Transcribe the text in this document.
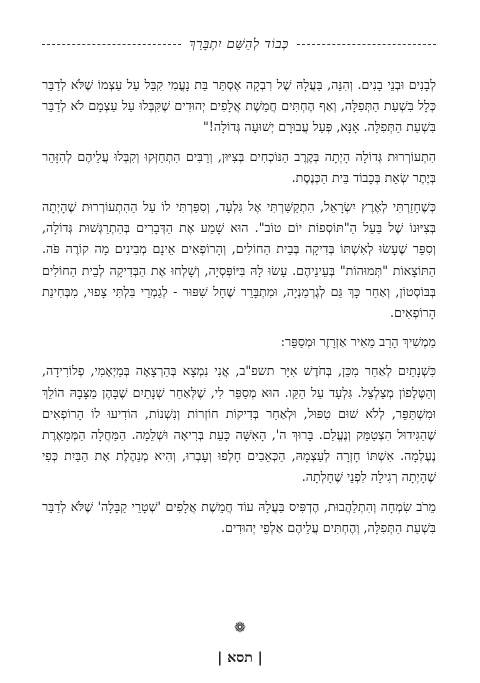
כְּבוֹד לְהַשֵּׁם יִתְבָּרַךְ

לְבָנִים וּבְנֵי בָנִים. וְהִנֵּה, בַּעֲלָהּ שֶׁל רִבְקָה אֶסְתֵּר בַּת נָעֳמִי קִבֵּל עַל עַצְמוֹ שֶׁלֹּא לְדַבֵּר כְּלָל בִּשְׁעַת הַתְּפִלָּה, וְאַף הֶחְתִּים חֲמֵשֶׁת אֲלָפִים יְהוּדִים שֶׁקִּבְּלוּ עַל עַצְמָם לֹא לְדַבֵּר בִּשְׁעַת הַתְּפִלָּה. אָנָּא, פְּעַל עֲבוּרָם יְשׁוּעָה גְּדוֹלָה!"

הִתְעוֹרְרוּת גְּדוֹלָה הָיְתָה בְּקֶרֶב הַנּוֹכְחִים בְּצִיּוּן, וְרַבִּים הִתְחַזְּקוּ וְקִבְּלוּ עֲלֵיהֶם לְהִזָּהֵר בְּיֶתֶר שְׂאֵת בְּכָבוֹד בֵּית הַכְּנֶסֶת.

כְּשֶׁחָזַרְתִּי לְאֶרֶץ יִשְׂרָאֵל, הִתְקַשַּׁרְתִּי אֶל גִּלְעָד, וְסִפַּרְתִּי לוֹ עַל הַהִתְעוֹרְרוּת שֶׁהָיְתָה בְּצִיּוּנוֹ שֶׁל בַּעַל הַ"תּוֹסְפוֹת יוֹם טוֹב". הוּא שָׁמַע אֶת הַדְּבָרִים בְּהִתְרַגְּשׁוּת גְּדוֹלָה, וְסִפֵּר שֶׁעָשׂוּ לְאִשְׁתּוֹ בְּדִיקָה בְּבֵית הַחוֹלִים, וְהָרוֹפְאִים אֵינָם מְבִינִים מָה קוֹרֶה פֹּה. הַתּוֹצָאוֹת "תְּמוּהוֹת" בְּעֵינֵיהֶם. עָשׂוּ לָהּ בִּיּוֹפְּסְיָה, וְשָׁלְחוּ אֶת הַבְּדִיקָה לְבֵית הַחוֹלִים בְּבּוֹסְטוֹן, וְאַחַר כָּךְ גַּם לְגֶרְמַנְיָה, וּמִתְבָּרֵר שֶׁחָל שִׁפּוּר - לְגַמְרֵי בִּלְתִּי צָפוּי, מִבְּחִינַת הָרוֹפְאִים.

מַמְשִׁיךְ הָרַב מֵאִיר אַזְרָזֶר וּמְסַפֵּר:

כִּשְׁנָתַיִם לְאַחַר מִכֵּן, בְּחֹדֶשׁ אִיָּר תשפ"ב, אֲנִי נִמְצָא בְּהַרְצָאָה בְּמַיְאָמִי, פְלוֹרִידָה, וְהַטֶּלֶפוֹן מְצַלְצֵל. גִּלְעָד עַל הַקַּו. הוּא מְסַפֵּר לִי, שֶׁלְּאַחַר שְׁנָתַיִם שֶׁבָּהֶן מַצָּבָהּ הוֹלֵךְ וּמִשְׁתַּפֵּר, לְלֹא שׁוּם טִפּוּל, וּלְאַחַר בְּדִיקוֹת חוֹזְרוֹת וְנִשְׁנוֹת, הוֹדִיעוּ לוֹ הָרוֹפְאִים שֶׁהַגִּידוּל הִצְטַמֵּק וְנֶעֱלַם. בָּרוּךְ ה', הָאִשָּׁה כָּעֵת בְּרִיאָה וּשְׁלֵמָה. הַמַּחֲלָה הַמְּמָאֶרֶת נֶעֶלְמָה. אִשְׁתּוֹ חָזְרָה לְעַצְמָהּ, הַכְּאֵבִים חָלְפוּ וְעָבְרוּ, וְהִיא מְנַהֶלֶת אֶת הַבַּיִת כְּפִי שֶׁהָיְתָה רְגִילָה לִפְנֵי שֶׁחָלְתָה.

מֵרֹב שִׂמְחָה וְהִתְלַהֲבוּת, הֶדְפִּיס בַּעֲלָהּ עוֹד חֲמֵשֶׁת אֲלָפִים 'שְׁטָרֵי קַבָּלָה' שֶׁלֹּא לְדַבֵּר בִּשְׁעַת הַתְּפִלָּה, וְהֶחְתִּים עֲלֵיהֶם אַלְפֵי יְהוּדִים.

❁
| תסא |
